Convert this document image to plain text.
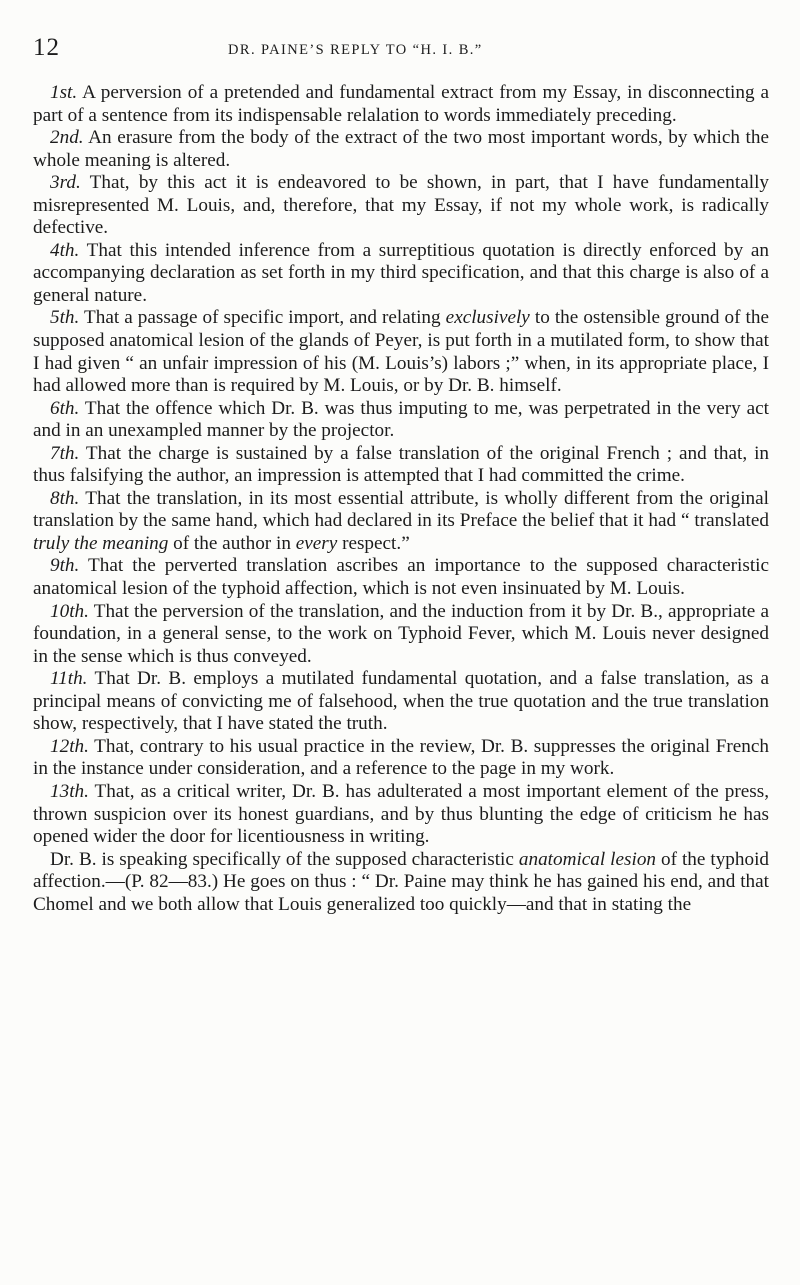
12	DR. PAINE’S REPLY TO “H. I. B.”

1st. A perversion of a pretended and fundamental extract from my Essay, in disconnecting a part of a sentence from its indispensable relalation to words immediately preceding.

2nd. An erasure from the body of the extract of the two most important words, by which the whole meaning is altered.

3rd. That, by this act it is endeavored to be shown, in part, that I have fundamentally misrepresented M. Louis, and, therefore, that my Essay, if not my whole work, is radically defective.

4th. That this intended inference from a surreptitious quotation is directly enforced by an accompanying declaration as set forth in my third specification, and that this charge is also of a general nature.

5th. That a passage of specific import, and relating exclusively to the ostensible ground of the supposed anatomical lesion of the glands of Peyer, is put forth in a mutilated form, to show that I had given “ an unfair impression of his (M. Louis’s) labors ;” when, in its appropriate place, I had allowed more than is required by M. Louis, or by Dr. B. himself.

6th. That the offence which Dr. B. was thus imputing to me, was perpetrated in the very act and in an unexampled manner by the projector.

7th. That the charge is sustained by a false translation of the original French ; and that, in thus falsifying the author, an impression is attempted that I had committed the crime.

8th. That the translation, in its most essential attribute, is wholly different from the original translation by the same hand, which had declared in its Preface the belief that it had “ translated truly the meaning of the author in every respect.”

9th. That the perverted translation ascribes an importance to the supposed characteristic anatomical lesion of the typhoid affection, which is not even insinuated by M. Louis.

10th. That the perversion of the translation, and the induction from it by Dr. B., appropriate a foundation, in a general sense, to the work on Typhoid Fever, which M. Louis never designed in the sense which is thus conveyed.

11th. That Dr. B. employs a mutilated fundamental quotation, and a false translation, as a principal means of convicting me of falsehood, when the true quotation and the true translation show, respectively, that I have stated the truth.

12th. That, contrary to his usual practice in the review, Dr. B. suppresses the original French in the instance under consideration, and a reference to the page in my work.

13th. That, as a critical writer, Dr. B. has adulterated a most important element of the press, thrown suspicion over its honest guardians, and by thus blunting the edge of criticism he has opened wider the door for licentiousness in writing.

Dr. B. is speaking specifically of the supposed characteristic anatomical lesion of the typhoid affection.—(P. 82—83.) He goes on thus : “ Dr. Paine may think he has gained his end, and that Chomel and we both allow that Louis generalized too quickly—and that in stating the
